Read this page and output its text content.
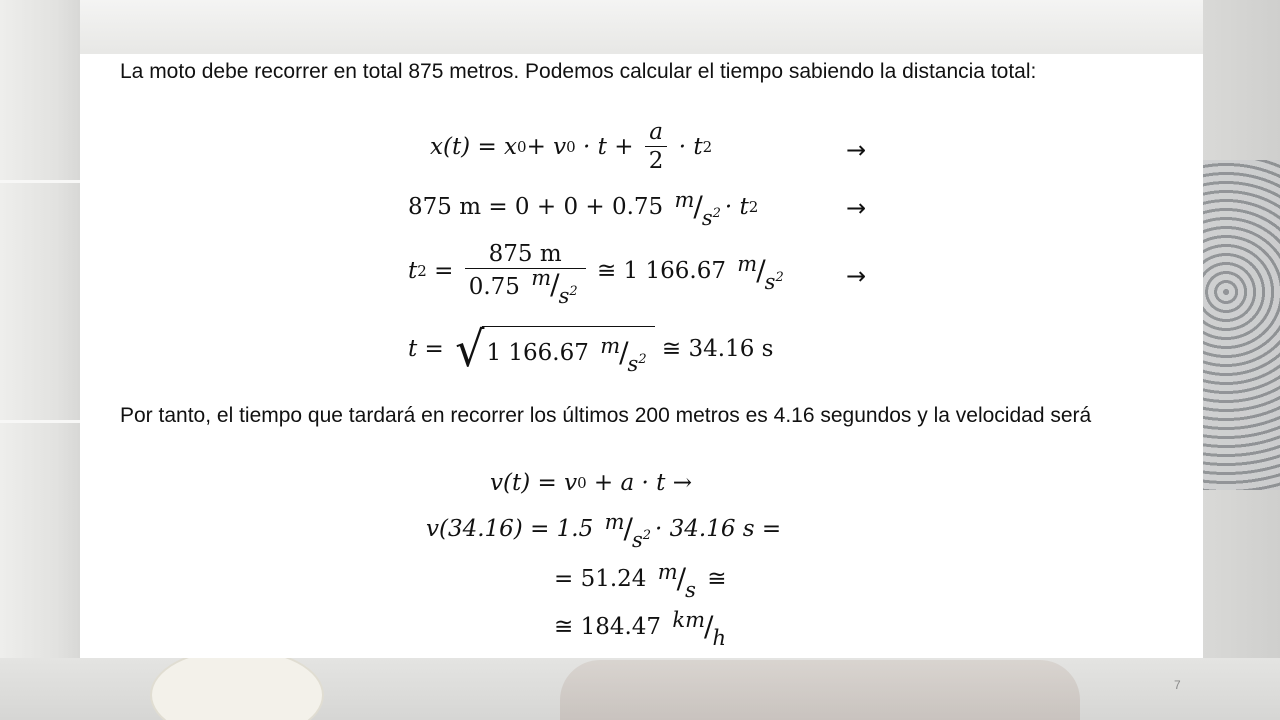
La moto debe recorrer en total 875 metros. Podemos calcular el tiempo sabiendo la distancia total:
x(t) = x 0 + v $0 \cdot t + \frac{a}{2} \cdot t$ 2	→
875 m = 0 + 0 + 0.75 $m/s^2 \cdot t$ 2	→
t $2 = \frac{875 m}{0.75 m/s^2}$ ≅ 1 166.67 $m/s^2$	→
t = √ 1 166.67 $m/s^2$ ≅ 34.16 s
Por tanto, el tiempo que tardará en recorrer los últimos 200 metros es 4.16 segundos y la velocidad será
v(t) = v 0 + a · t →
v(34.16) = 1.5 $m/s^2 \cdot 34.16$ s =
= 51.24 m/s ≅
≅ 184.47 km/h
7
